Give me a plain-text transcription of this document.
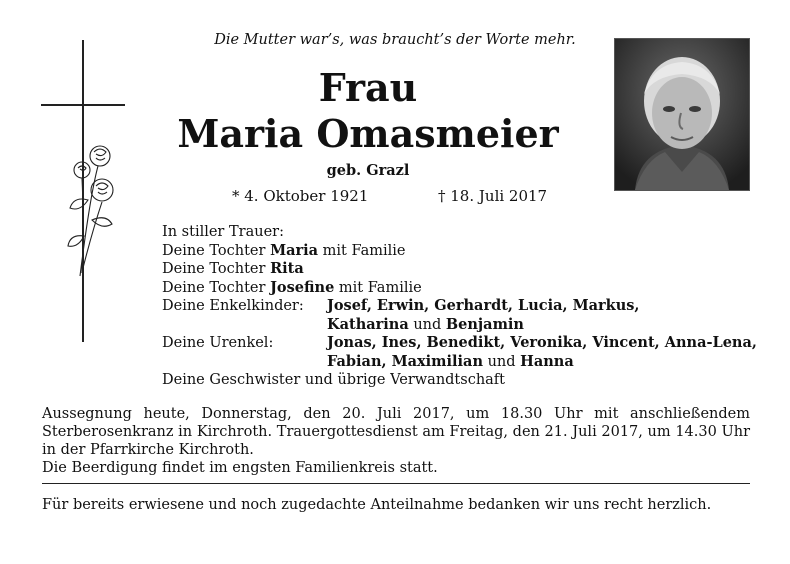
Die Mutter war’s, was braucht’s der Worte mehr.
Frau
Maria Omasmeier
geb. Grazl
* 4. Oktober 1921	† 18. Juli 2017
In stiller Trauer:
Deine Tochter Maria mit Familie
Deine Tochter Rita
Deine Tochter Josefine mit Familie
Deine Enkelkinder:	Josef, Erwin, Gerhardt, Lucia, Markus,
Katharina und Benjamin
Deine Urenkel:	Jonas, Ines, Benedikt, Veronika, Vincent, Anna-Lena,
Fabian, Maximilian und Hanna
Deine Geschwister und übrige Verwandtschaft
Aussegnung heute, Donnerstag, den 20. Juli 2017, um 18.30 Uhr mit anschließendem Sterberosenkranz in Kirchroth. Trauergottesdienst am Freitag, den 21. Juli 2017, um 14.30 Uhr in der Pfarrkirche Kirchroth.
Die Beerdigung findet im engsten Familienkreis statt.
Für bereits erwiesene und noch zugedachte Anteilnahme bedanken wir uns recht herzlich.
